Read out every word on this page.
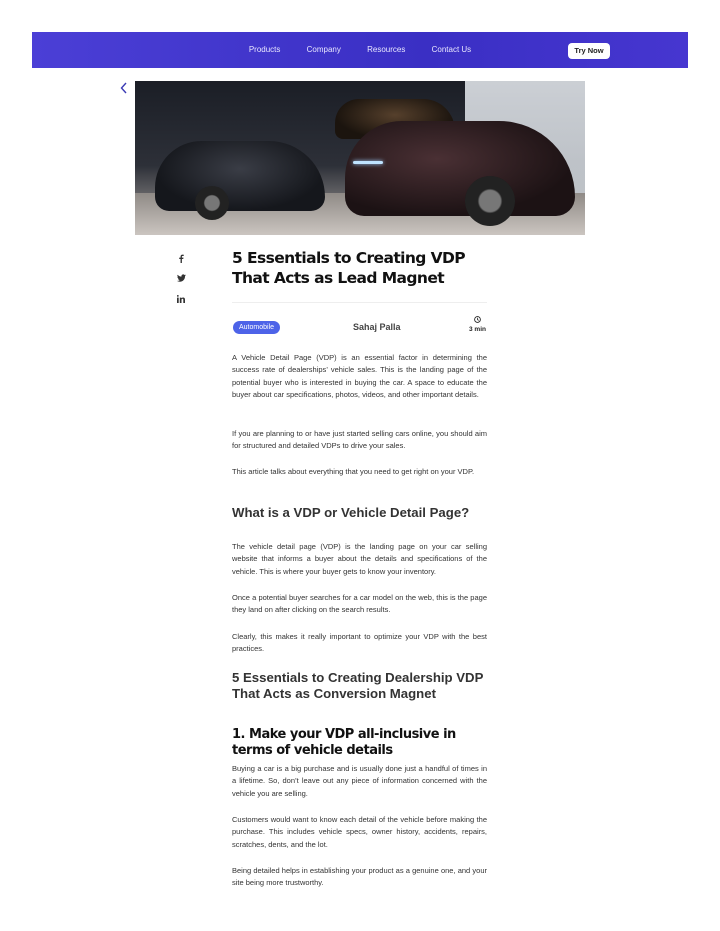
Products	Company	Resources	Contact Us	Try Now
5 Essentials to Creating VDP That Acts as Lead Magnet
Automobile	Sahaj Palla	3 min

A Vehicle Detail Page (VDP) is an essential factor in determining the success rate of dealerships’ vehicle sales. This is the landing page of the potential buyer who is interested in buying the car. A space to educate the buyer about car specifications, photos, videos, and other important details.

If you are planning to or have just started selling cars online, you should aim for structured and detailed VDPs to drive your sales.

This article talks about everything that you need to get right on your VDP.

What is a VDP or Vehicle Detail Page?

The vehicle detail page (VDP) is the landing page on your car selling website that informs a buyer about the details and specifications of the vehicle. This is where your buyer gets to know your inventory.

Once a potential buyer searches for a car model on the web, this is the page they land on after clicking on the search results.

Clearly, this makes it really important to optimize your VDP with the best practices.

5 Essentials to Creating Dealership VDP That Acts as Conversion Magnet
1. Make your VDP all-inclusive in terms of vehicle details

Buying a car is a big purchase and is usually done just a handful of times in a lifetime. So, don’t leave out any piece of information concerned with the vehicle you are selling.

Customers would want to know each detail of the vehicle before making the purchase. This includes vehicle specs, owner history, accidents, repairs, scratches, dents, and the lot.

Being detailed helps in establishing your product as a genuine one, and your site being more trustworthy.
